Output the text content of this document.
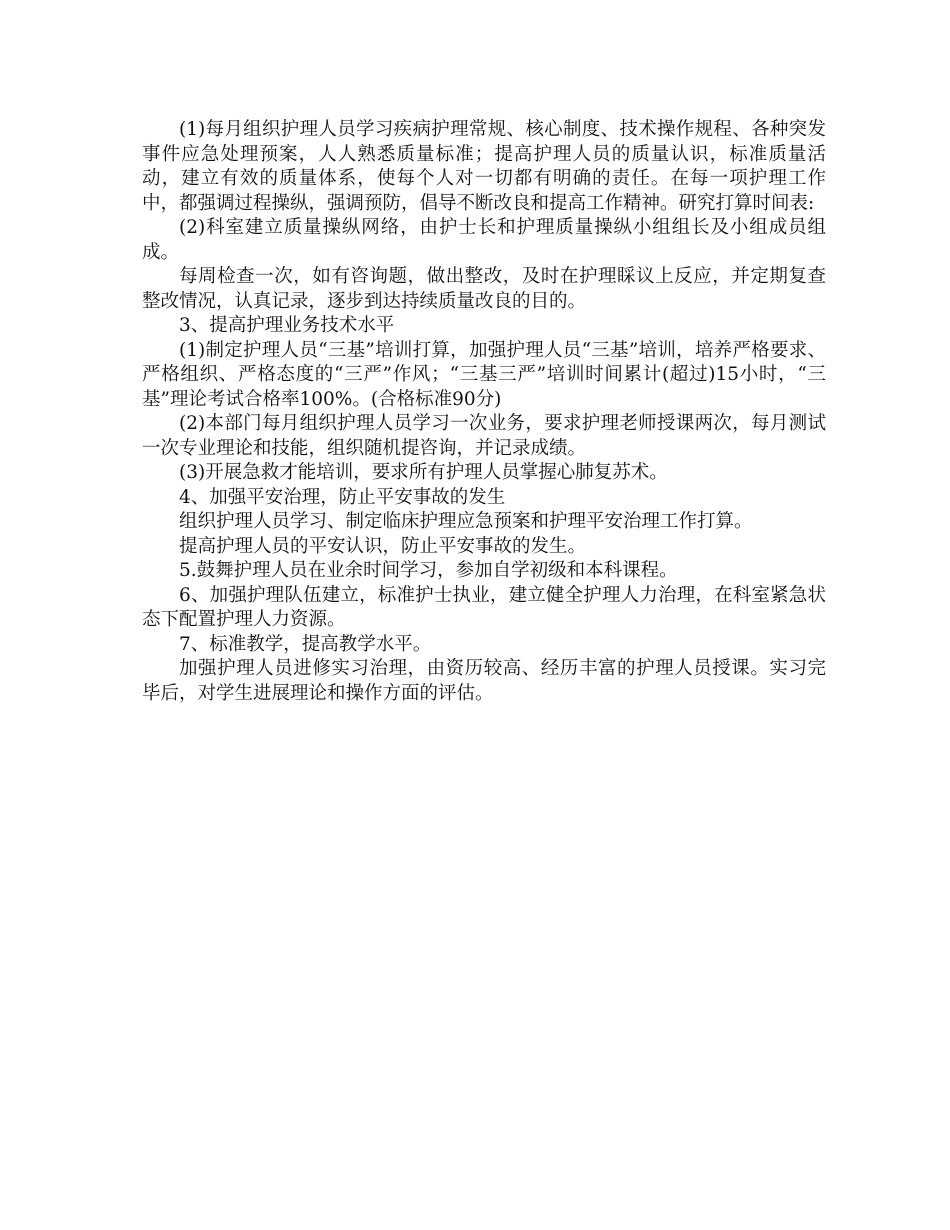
(1)每月组织护理人员学习疾病护理常规、核心制度、技术操作规程、各种突发事件应急处理预案，人人熟悉质量标准；提高护理人员的质量认识，标准质量活动，建立有效的质量体系，使每个人对一切都有明确的责任。在每一项护理工作中，都强调过程操纵，强调预防，倡导不断改良和提高工作精神。研究打算时间表:

(2)科室建立质量操纵网络，由护士长和护理质量操纵小组组长及小组成员组成。

每周检查一次，如有咨询题，做出整改，及时在护理睬议上反应，并定期复查整改情况，认真记录，逐步到达持续质量改良的目的。

3、提高护理业务技术水平

(1)制定护理人员“三基”培训打算，加强护理人员“三基”培训，培养严格要求、严格组织、严格态度的“三严”作风；“三基三严”培训时间累计(超过)15小时，“三基”理论考试合格率100%。(合格标准90分)

(2)本部门每月组织护理人员学习一次业务，要求护理老师授课两次，每月测试一次专业理论和技能，组织随机提咨询，并记录成绩。

(3)开展急救才能培训，要求所有护理人员掌握心肺复苏术。

4、加强平安治理，防止平安事故的发生

组织护理人员学习、制定临床护理应急预案和护理平安治理工作打算。

提高护理人员的平安认识，防止平安事故的发生。

5.鼓舞护理人员在业余时间学习，参加自学初级和本科课程。

6、加强护理队伍建立，标准护士执业，建立健全护理人力治理，在科室紧急状态下配置护理人力资源。

7、标准教学，提高教学水平。

加强护理人员进修实习治理，由资历较高、经历丰富的护理人员授课。实习完毕后，对学生进展理论和操作方面的评估。
